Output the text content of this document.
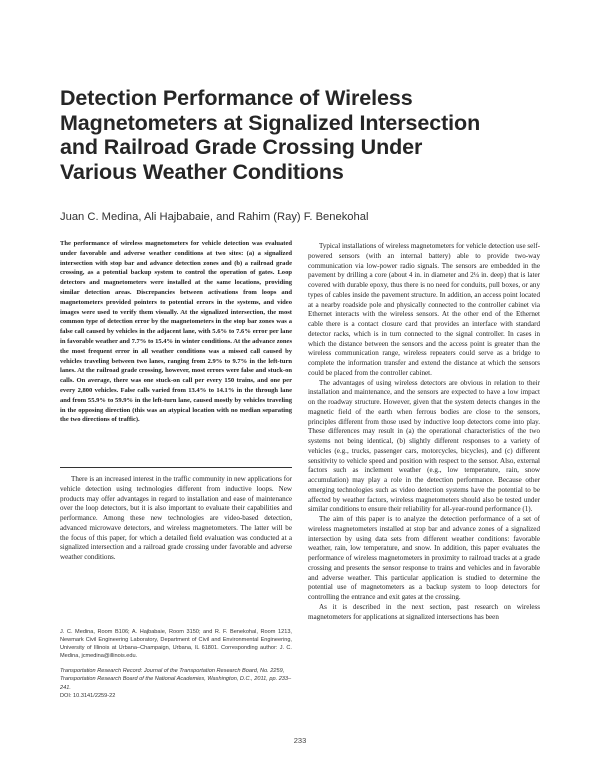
Detection Performance of Wireless
Magnetometers at Signalized Intersection
and Railroad Grade Crossing Under
Various Weather Conditions
Juan C. Medina, Ali Hajbabaie, and Rahim (Ray) F. Benekohal
The performance of wireless magnetometers for vehicle detection was evaluated under favorable and adverse weather conditions at two sites: (a) a signalized intersection with stop bar and advance detection zones and (b) a railroad grade crossing, as a potential backup system to control the operation of gates. Loop detectors and magnetometers were installed at the same locations, providing similar detection areas. Discrepancies between activations from loops and magnetometers provided pointers to potential errors in the systems, and video images were used to verify them visually. At the signalized intersection, the most common type of detection error by the magnetometers in the stop bar zones was a false call caused by vehicles in the adjacent lane, with 5.6% to 7.6% error per lane in favorable weather and 7.7% to 15.4% in winter conditions. At the advance zones the most frequent error in all weather conditions was a missed call caused by vehicles traveling between two lanes, ranging from 2.9% to 9.7% in the left-turn lanes. At the railroad grade crossing, however, most errors were false and stuck-on calls. On average, there was one stuck-on call per every 150 trains, and one per every 2,800 vehicles. False calls varied from 13.4% to 14.1% in the through lane and from 55.9% to 59.9% in the left-turn lane, caused mostly by vehicles traveling in the opposing direction (this was an atypical location with no median separating the two directions of traffic).

There is an increased interest in the traffic community in new applications for vehicle detection using technologies different from inductive loops. New products may offer advantages in regard to installation and ease of maintenance over the loop detectors, but it is also important to evaluate their capabilities and performance. Among these new technologies are video-based detection, advanced microwave detectors, and wireless magnetometers. The latter will be the focus of this paper, for which a detailed field evaluation was conducted at a signalized intersection and a railroad grade crossing under favorable and adverse weather conditions.

J. C. Medina, Room B106; A. Hajbabaie, Room 3150; and R. F. Benekohal, Room 1213, Newmark Civil Engineering Laboratory, Department of Civil and Environmental Engineering, University of Illinois at Urbana–Champaign, Urbana, IL 61801. Corresponding author: J. C. Medina, jcmedina@illinois.edu.
Transportation Research Record: Journal of the Transportation Research Board, No. 2259, Transportation Research Board of the National Academies, Washington, D.C., 2011, pp. 233–241.
DOI: 10.3141/2259-22

Typical installations of wireless magnetometers for vehicle detection use self-powered sensors (with an internal battery) able to provide two-way communication via low-power radio signals. The sensors are embedded in the pavement by drilling a core (about 4 in. in diameter and 2¼ in. deep) that is later covered with durable epoxy, thus there is no need for conduits, pull boxes, or any types of cables inside the pavement structure. In addition, an access point located at a nearby roadside pole and physically connected to the controller cabinet via Ethernet interacts with the wireless sensors. At the other end of the Ethernet cable there is a contact closure card that provides an interface with standard detector racks, which is in turn connected to the signal controller. In cases in which the distance between the sensors and the access point is greater than the wireless communication range, wireless repeaters could serve as a bridge to complete the information transfer and extend the distance at which the sensors could be placed from the controller cabinet.

The advantages of using wireless detectors are obvious in relation to their installation and maintenance, and the sensors are expected to have a low impact on the roadway structure. However, given that the system detects changes in the magnetic field of the earth when ferrous bodies are close to the sensors, principles different from those used by inductive loop detectors come into play. These differences may result in (a) the operational characteristics of the two systems not being identical, (b) slightly different responses to a variety of vehicles (e.g., trucks, passenger cars, motorcycles, bicycles), and (c) different sensitivity to vehicle speed and position with respect to the sensor. Also, external factors such as inclement weather (e.g., low temperature, rain, snow accumulation) may play a role in the detection performance. Because other emerging technologies such as video detection systems have the potential to be affected by weather factors, wireless magnetometers should also be tested under similar conditions to ensure their reliability for all-year-round performance (1).

The aim of this paper is to analyze the detection performance of a set of wireless magnetometers installed at stop bar and advance zones of a signalized intersection by using data sets from different weather conditions: favorable weather, rain, low temperature, and snow. In addition, this paper evaluates the performance of wireless magnetometers in proximity to railroad tracks at a grade crossing and presents the sensor response to trains and vehicles and in favorable and adverse weather. This particular application is studied to determine the potential use of magnetometers as a backup system to loop detectors for controlling the entrance and exit gates at the crossing.

As it is described in the next section, past research on wireless magnetometers for applications at signalized intersections has been

233
